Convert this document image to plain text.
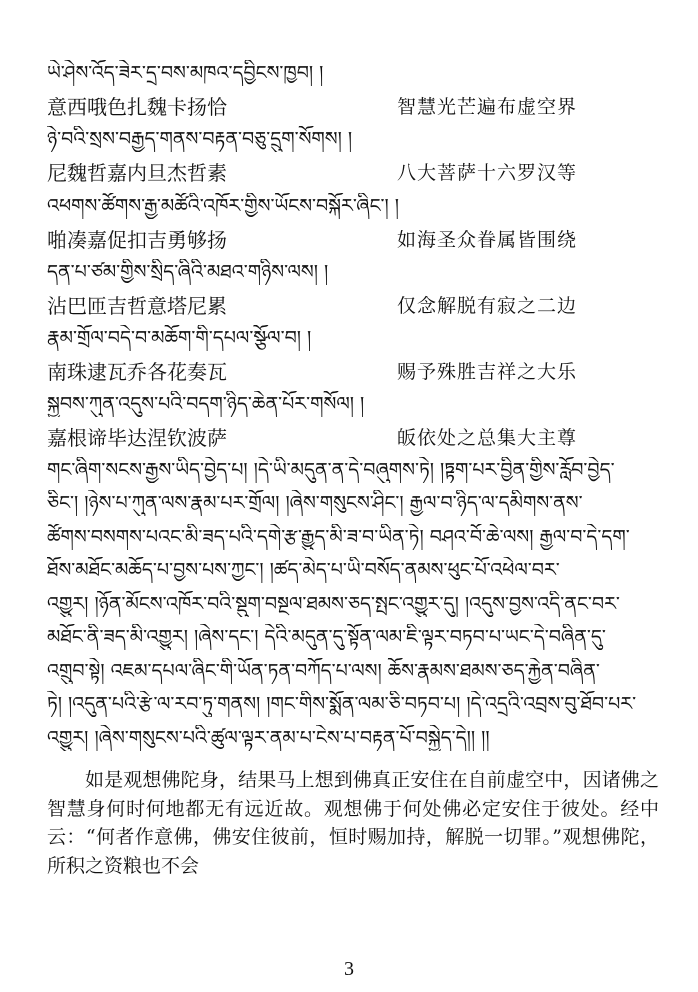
ཡེ་ཤེས་འོད་ཟེར་དྲ་བས་མཁའ་དབྱིངས་ཁྱབ། །
意西哦色扎魏卡扬恰	智慧光芒遍布虚空界
ཉེ་བའི་སྲས་བརྒྱད་གནས་བརྟན་བཅུ་དྲུག་སོགས། །
尼魏哲嘉内旦杰哲素	八大菩萨十六罗汉等
འཕགས་ཚོགས་རྒྱ་མཚོའི་འཁོར་གྱིས་ཡོངས་བསྐོར་ཞིང་། །
啪凑嘉促扣吉勇够扬	如海圣众眷属皆围绕
དན་པ་ཙམ་གྱིས་སྲིད་ཞིའི་མཐའ་གཉིས་ལས། །
沾巴匝吉哲意塔尼累	仅念解脱有寂之二边
རྣམ་གྲོལ་བདེ་བ་མཆོག་གི་དཔལ་སྩོལ་བ། །
南珠逮瓦乔各花奏瓦	赐予殊胜吉祥之大乐
སྐྱབས་ཀུན་འདུས་པའི་བདག་ཉིད་ཆེན་པོར་གསོལ། །
嘉根谛毕达涅钦波萨	皈依处之总集大主尊
གང་ཞིག་སངས་རྒྱས་ཡིད་བྱེད་པ། །དེ་ཡི་མདུན་ན་དེ་བཞུགས་ཏེ། །ཏྟག་པར་བྱིན་གྱིས་རློབ་བྱེད་
ཅིང་། །ཉེས་པ་ཀུན་ལས་རྣམ་པར་གྲོལ། །ཞེས་གསུངས་ཤིང་། རྒྱལ་བ་ཉིད་ལ་དམིགས་ནས་
ཚོགས་བསགས་པའང་མི་ཟད་པའི་དགེ་རྩ་རྒྱུད་མི་ཟ་བ་ཡིན་ཏེ། བཤའ་བོ་ཆེ་ལས། རྒྱལ་བ་དེ་དག་
ཐོས་མཐོང་མཆོད་པ་བྱས་པས་ཀྱང་། །ཚད་མེད་པ་ཡི་བསོད་ནམས་ཕུང་པོ་འཕེལ་བར་
འགྱུར། །ཉོན་མོངས་འཁོར་བའི་སྡུག་བསྔལ་ཐམས་ཅད་སྤང་འགྱུར་དུ། །འདུས་བྱས་འདི་ནང་བར་
མཐོང་ནི་ཟད་མི་འགྱུར། །ཞེས་དང་། དེའི་མདུན་དུ་སྟོན་ལམ་ཇི་ལྟར་བཏབ་པ་ཡང་དེ་བཞིན་དུ་
འགྲུབ་སྟེ། འཇམ་དཔལ་ཞིང་གི་ཡོན་ཏན་བཀོད་པ་ལས། ཆོས་རྣམས་ཐམས་ཅད་རྐྱེན་བཞིན་
ཏེ། །འདུན་པའི་རྩེ་ལ་རབ་ཏུ་གནས། །གང་གིས་སྨོན་ལམ་ཅི་བཏབ་པ། །དེ་འདྲའི་འབྲས་བུ་ཐོབ་པར་
འགྱུར། །ཞེས་གསུངས་པའི་ཚུལ་ལྟར་ནམ་པ་ངེས་པ་བརྟན་པོ་བསྐྱེད་དེ།། །།

如是观想佛陀身，结果马上想到佛真正安住在自前虚空中，因诸佛之智慧身何时何地都无有远近故。观想佛于何处佛必定安住于彼处。经中云：“何者作意佛，佛安住彼前，恒时赐加持，解脱一切罪。”观想佛陀，所积之资粮也不会

3
